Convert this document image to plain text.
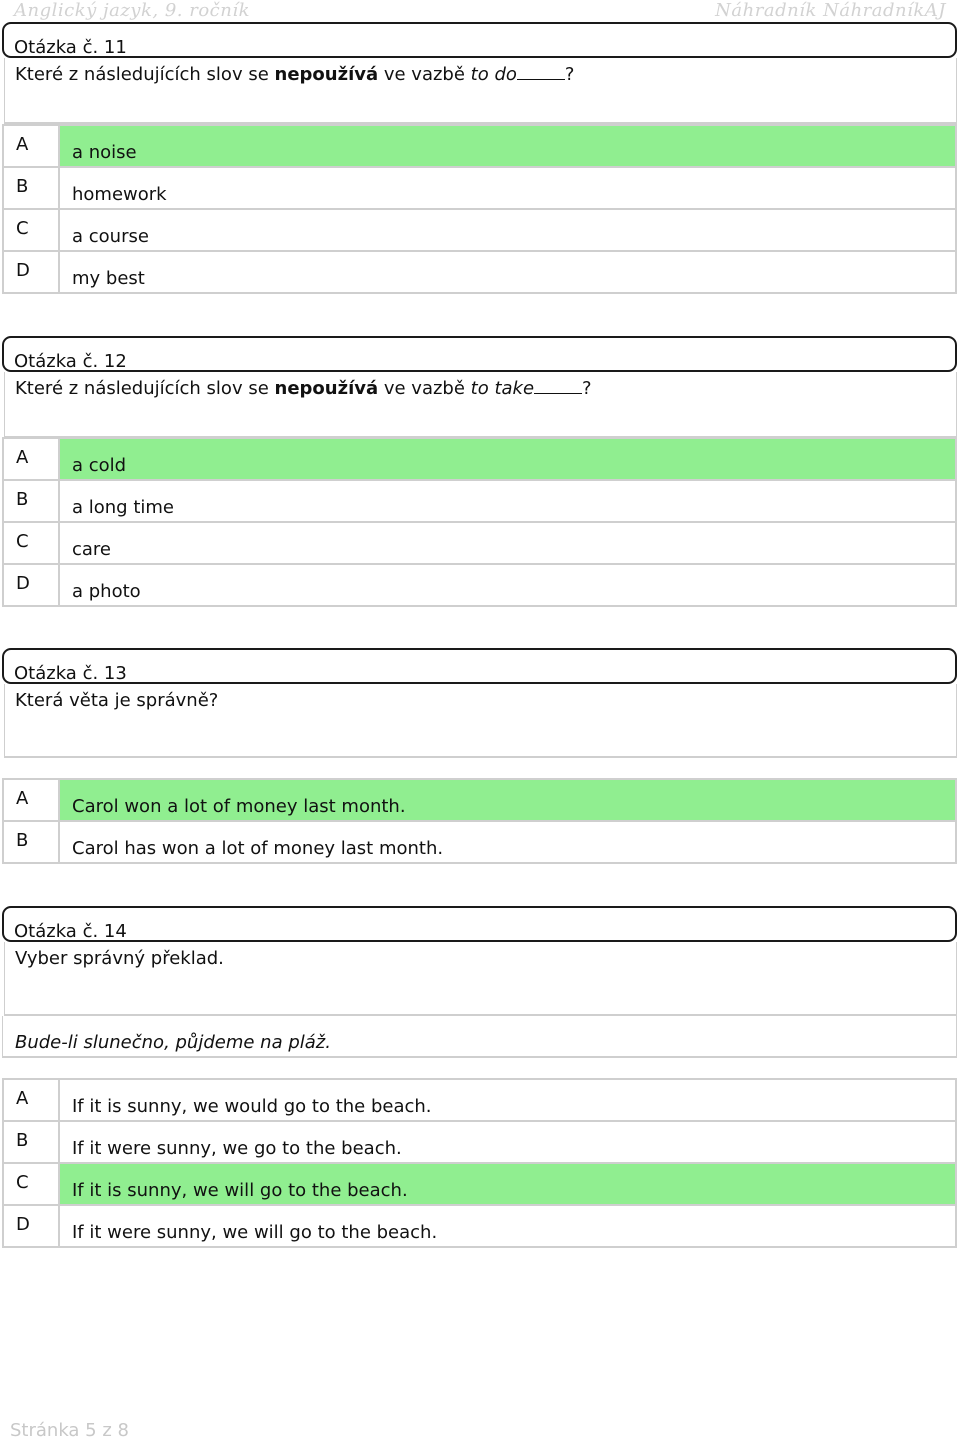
Anglický jazyk, 9. ročník	Náhradník NáhradníkAJ
Otázka č. 11
Které z následujících slov se nepoužívá ve vazbě to do	?
A	a noise
B	homework
C	a course
D	my best
Otázka č. 12
Které z následujících slov se nepoužívá ve vazbě to take	?
A	a cold
B	a long time
C	care
D	a photo
Otázka č. 13
Která věta je správně?
A	Carol won a lot of money last month.
B	Carol has won a lot of money last month.
Otázka č. 14
Vyber správný překlad.
Bude-li slunečno, půjdeme na pláž.
A	If it is sunny, we would go to the beach.
B	If it were sunny, we go to the beach.
C	If it is sunny, we will go to the beach.
D	If it were sunny, we will go to the beach.
Stránka 5 z 8
